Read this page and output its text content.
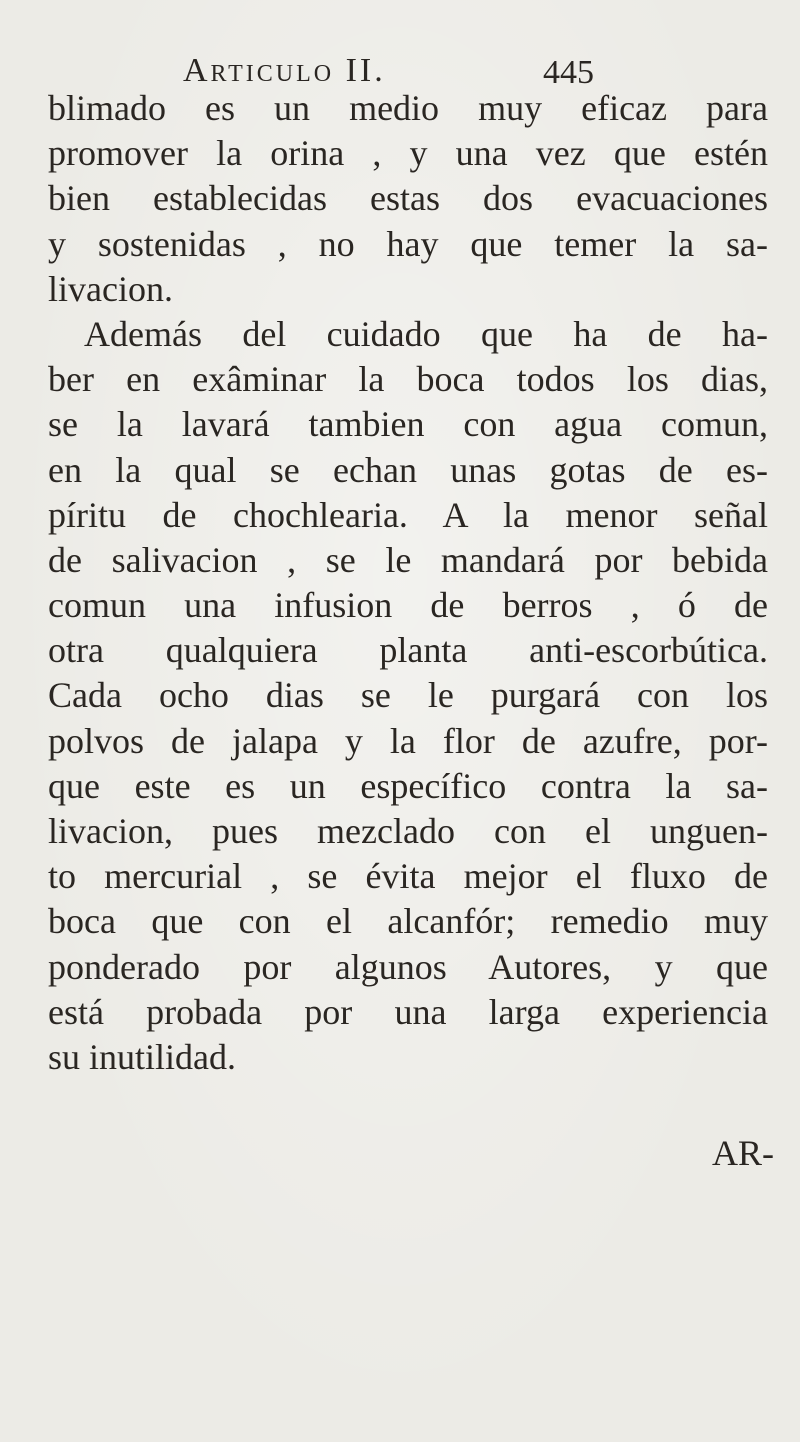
Articulo II.	445
blimado es un medio muy eficaz para
promover la orina , y una vez que estén
bien establecidas estas dos evacuaciones
y sostenidas , no hay que temer la sa-
livacion.
Además del cuidado que ha de ha-
ber en exâminar la boca todos los dias,
se la lavará tambien con agua comun,
en la qual se echan unas gotas de es-
píritu de chochlearia. A la menor señal
de salivacion , se le mandará por bebida
comun una infusion de berros , ó de
otra qualquiera planta anti-escorbútica.
Cada ocho dias se le purgará con los
polvos de jalapa y la flor de azufre, por-
que este es un específico contra la sa-
livacion, pues mezclado con el unguen-
to mercurial , se évita mejor el fluxo de
boca que con el alcanfór; remedio muy
ponderado por algunos Autores, y que
está probada por una larga experiencia
su inutilidad.
AR-
